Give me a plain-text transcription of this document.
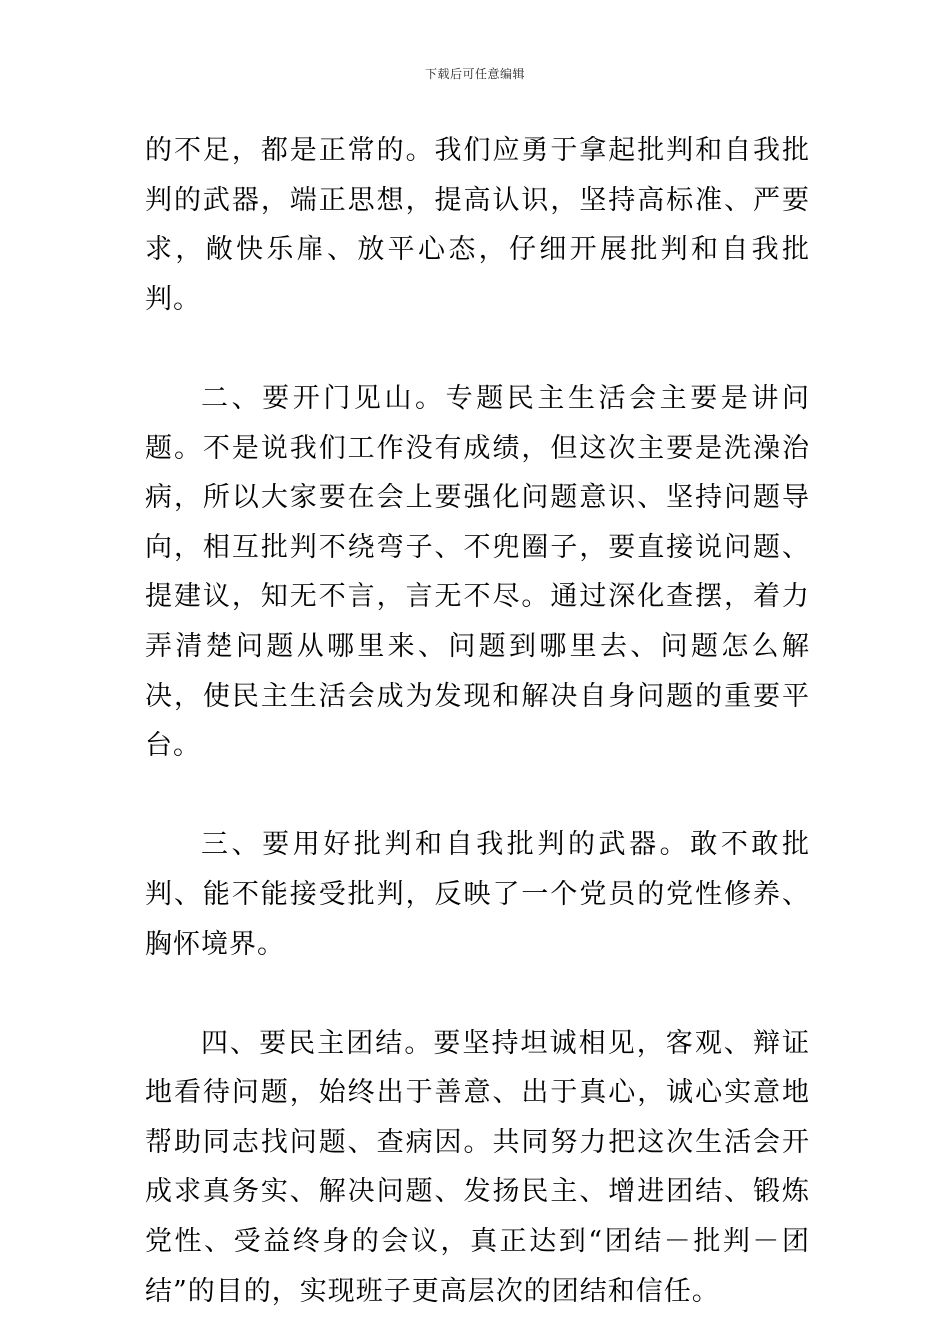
下载后可任意编辑

的不足，都是正常的。我们应勇于拿起批判和自我批判的武器，端正思想，提高认识，坚持高标准、严要求，敞快乐扉、放平心态，仔细开展批判和自我批判。

二、要开门见山。专题民主生活会主要是讲问题。不是说我们工作没有成绩，但这次主要是洗澡治病，所以大家要在会上要强化问题意识、坚持问题导向，相互批判不绕弯子、不兜圈子，要直接说问题、提建议，知无不言，言无不尽。通过深化查摆，着力弄清楚问题从哪里来、问题到哪里去、问题怎么解决，使民主生活会成为发现和解决自身问题的重要平台。

三、要用好批判和自我批判的武器。敢不敢批判、能不能接受批判，反映了一个党员的党性修养、胸怀境界。

四、要民主团结。要坚持坦诚相见，客观、辩证地看待问题，始终出于善意、出于真心，诚心实意地帮助同志找问题、查病因。共同努力把这次生活会开成求真务实、解决问题、发扬民主、增进团结、锻炼党性、受益终身的会议，真正达到“团结－批判－团结”的目的，实现班子更高层次的团结和信任。
